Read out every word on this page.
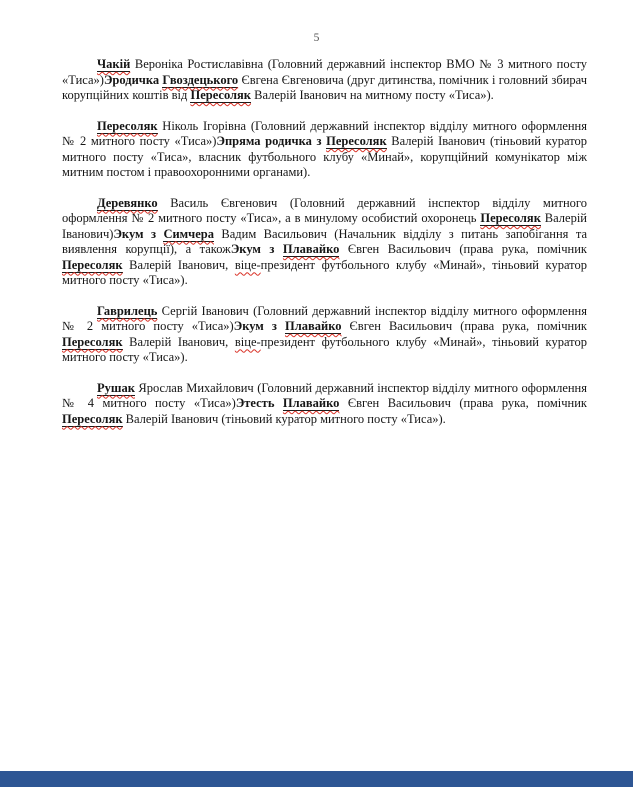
5

Чакій Вероніка Ростиславівна (Головний державний інспектор ВМО № 3 митного посту «Тиса»)Эродичка Гвоздецького Євгена Євгеновича (друг дитинства, помічник і головний збирач корупційних коштів від Пересоляк Валерій Іванович на митному посту «Тиса»).

Пересоляк Ніколь Ігорівна (Головний державний інспектор відділу митного оформлення № 2 митного посту «Тиса»)Эпряма родичка з Пересоляк Валерій Іванович (тіньовий куратор митного посту «Тиса», власник футбольного клубу «Минай», корупційний комунікатор між митним постом і правоохоронними органами).

Деревянко Василь Євгенович (Головний державний інспектор відділу митного оформлення № 2 митного посту «Тиса», а в минулому особистий охоронець Пересоляк Валерій Іванович)Экум з Симчера Вадим Васильович (Начальник відділу з питань запобігання та виявлення корупції), а такожЭкум з Плавайко Євген Васильович (права рука, помічник Пересоляк Валерій Іванович, віце-президент футбольного клубу «Минай», тіньовий куратор митного посту «Тиса»).

Гаврилець Сергій Іванович (Головний державний інспектор відділу митного оформлення № 2 митного посту «Тиса»)Экум з Плавайко Євген Васильович (права рука, помічник Пересоляк Валерій Іванович, віце-президент футбольного клубу «Минай», тіньовий куратор митного посту «Тиса»).

Рушак Ярослав Михайлович (Головний державний інспектор відділу митного оформлення № 4 митного посту «Тиса»)Этесть Плавайко Євген Васильович (права рука, помічник Пересоляк Валерій Іванович (тіньовий куратор митного посту «Тиса»).
